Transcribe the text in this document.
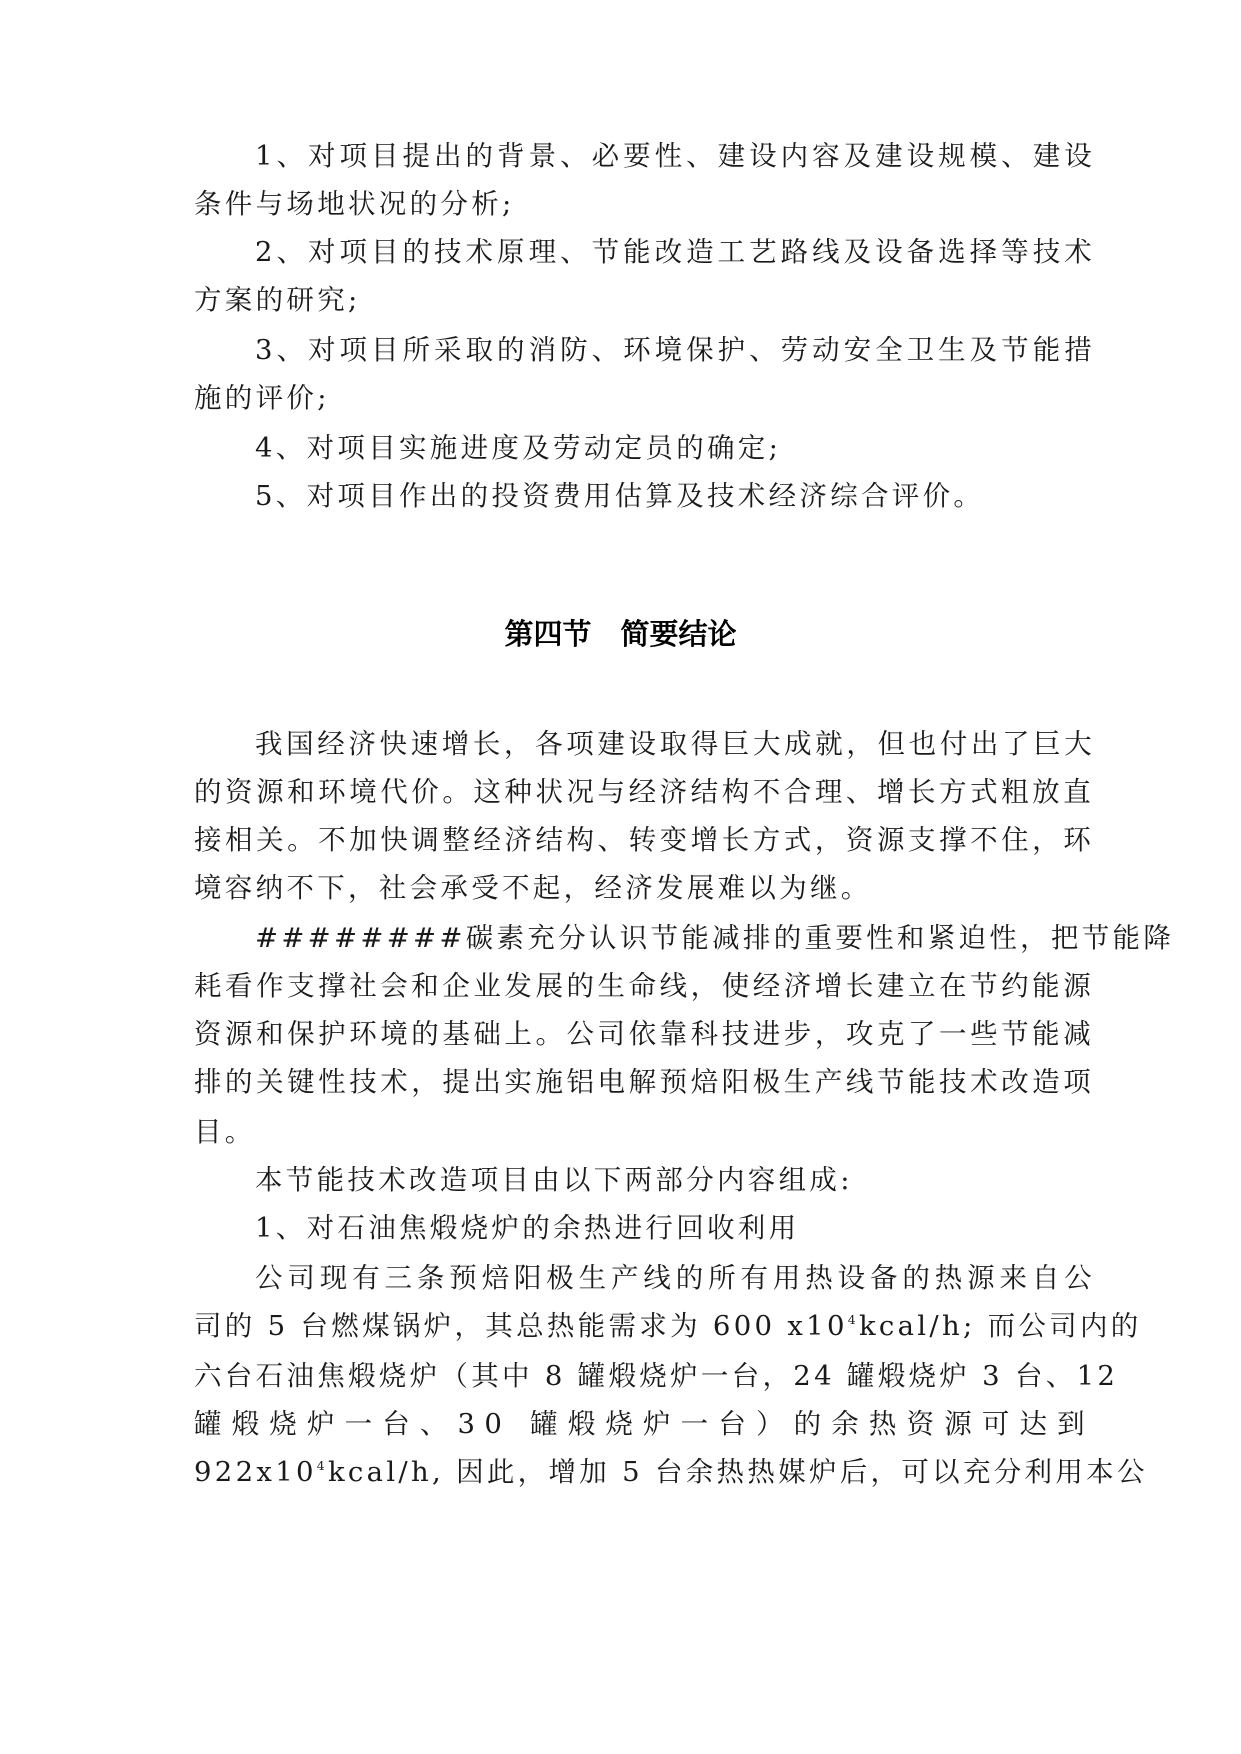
1、对项目提出的背景、必要性、建设内容及建设规模、建设
条件与场地状况的分析;
2、对项目的技术原理、节能改造工艺路线及设备选择等技术
方案的研究;
3、对项目所采取的消防、环境保护、劳动安全卫生及节能措
施的评价;
4、对项目实施进度及劳动定员的确定;
5、对项目作出的投资费用估算及技术经济综合评价。
第四节　简要结论
我国经济快速增长，各项建设取得巨大成就，但也付出了巨大
的资源和环境代价。这种状况与经济结构不合理、增长方式粗放直
接相关。不加快调整经济结构、转变增长方式，资源支撑不住，环
境容纳不下，社会承受不起，经济发展难以为继。
########碳素充分认识节能减排的重要性和紧迫性，把节能降
耗看作支撑社会和企业发展的生命线，使经济增长建立在节约能源
资源和保护环境的基础上。公司依靠科技进步，攻克了一些节能减
排的关键性技术，提出实施铝电解预焙阳极生产线节能技术改造项
目。
本节能技术改造项目由以下两部分内容组成:
1、对石油焦煅烧炉的余热进行回收利用
公司现有三条预焙阳极生产线的所有用热设备的热源来自公
司的 5 台燃煤锅炉，其总热能需求为 600 $x10^4kcal/h$; 而公司内的
六台石油焦煅烧炉（其中 8 罐煅烧炉一台，24 罐煅烧炉 3 台、12
罐煅烧炉一台、30 罐煅烧炉一台）的余热资源可达到
$922x10^4kcal/h$, 因此，增加 5 台余热热媒炉后，可以充分利用本公
